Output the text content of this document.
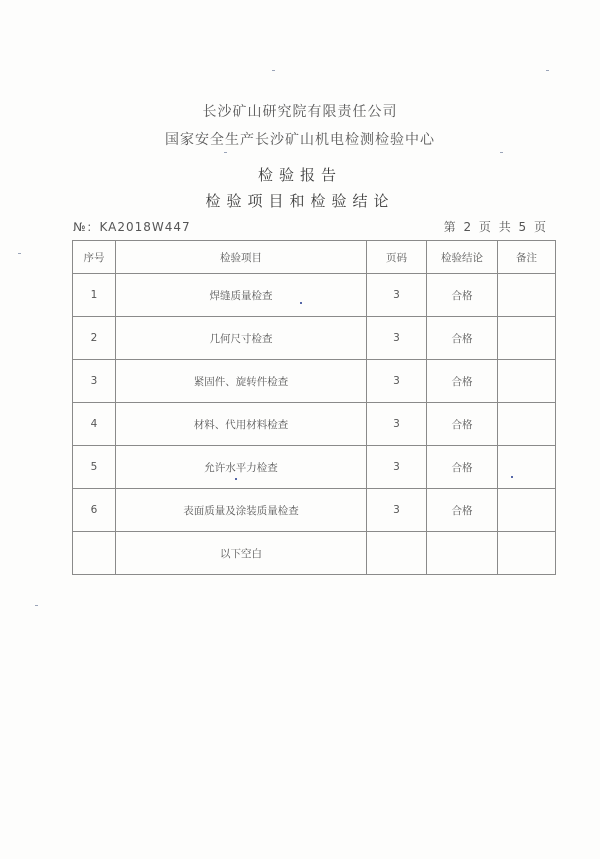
长沙矿山研究院有限责任公司
国家安全生产长沙矿山机电检测检验中心
检验报告
检验项目和检验结论
№：KA2018W447	第 2 页 共 5 页
序号	检验项目	页码	检验结论	备注
1	焊缝质量检查	3	合格	
2	几何尺寸检查	3	合格	
3	紧固件、旋转件检查	3	合格	
4	材料、代用材料检查	3	合格	
5	允许水平力检查	3	合格	
6	表面质量及涂装质量检查	3	合格	
	以下空白			
